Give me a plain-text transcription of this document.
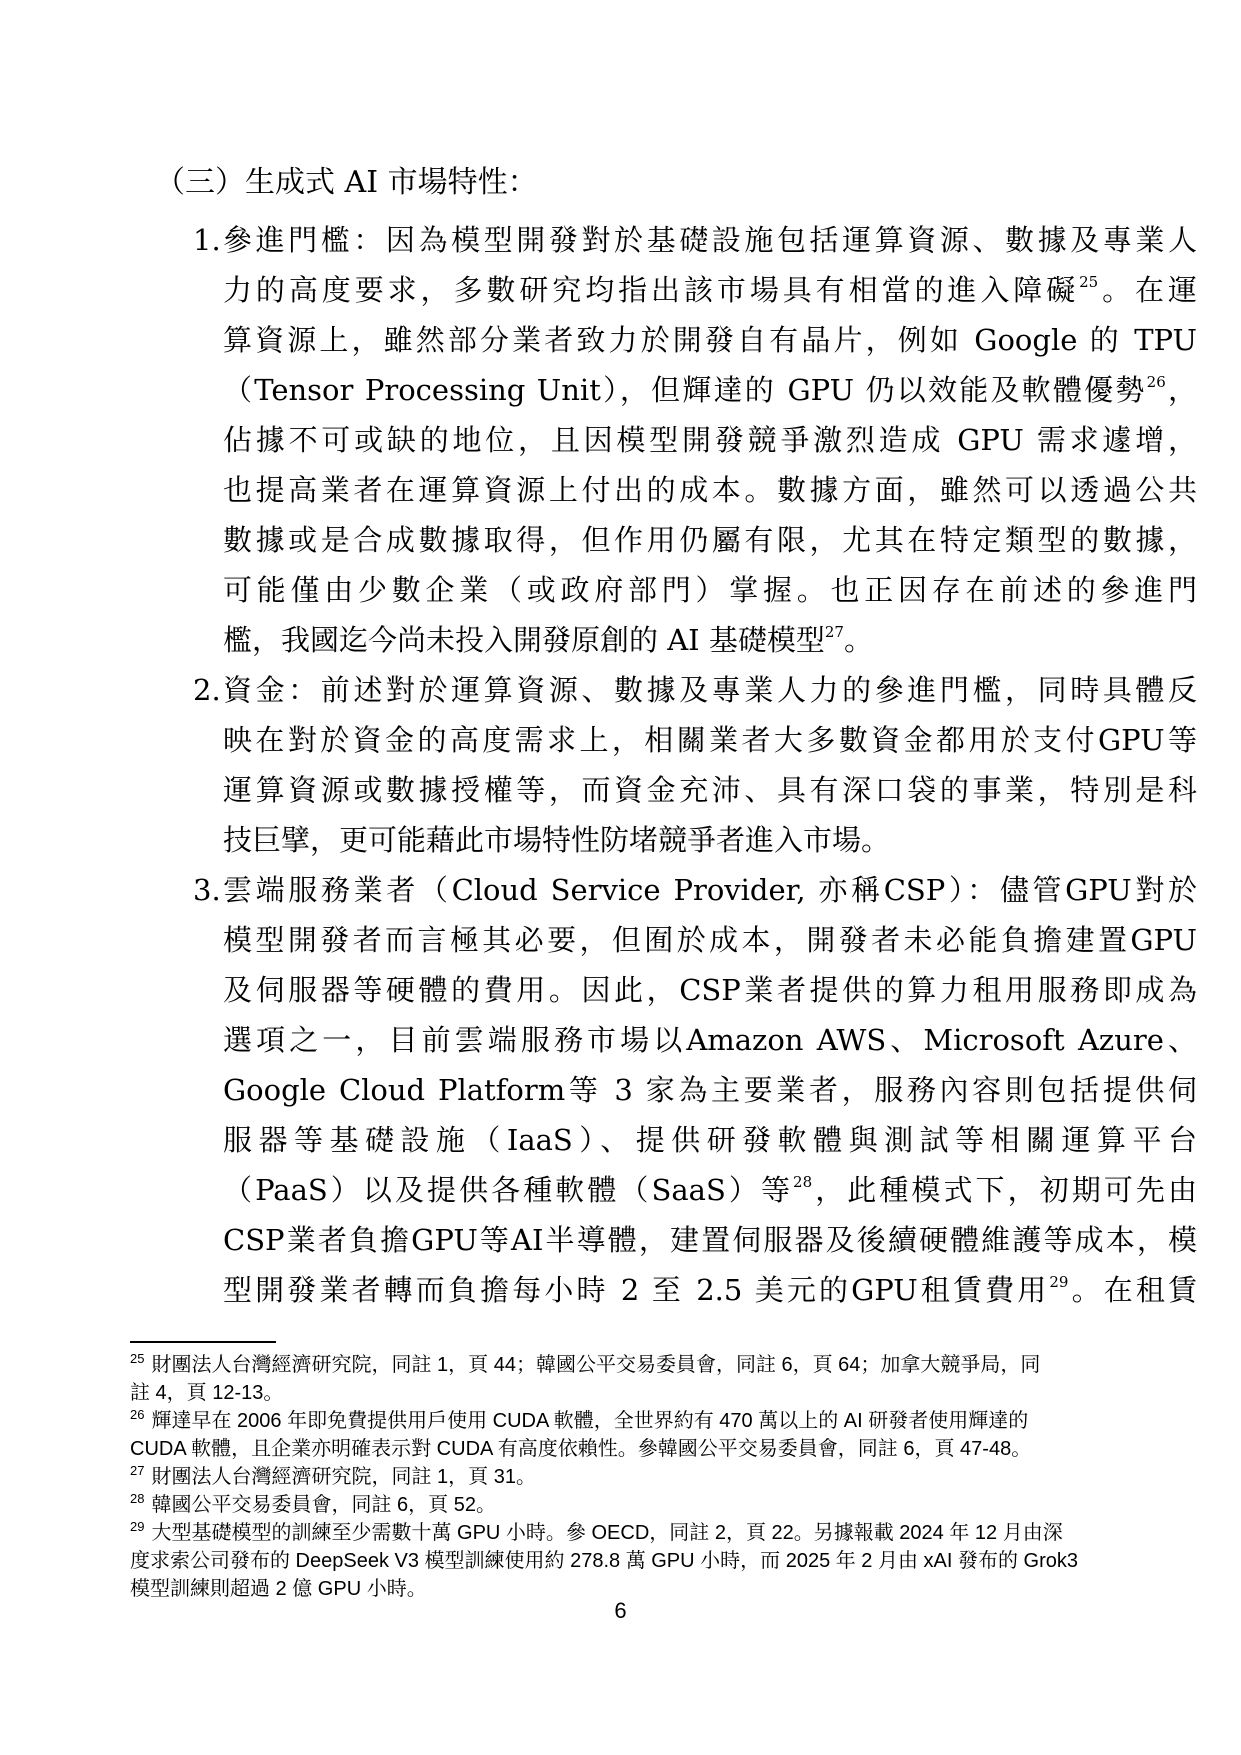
（三）生成式 AI 市場特性：
1. 參進門檻：因為模型開發對於基礎設施包括運算資源、數據及專業人
力的高度要求，多數研究均指出該市場具有相當的進入障礙$^{25}$。在運
算資源上，雖然部分業者致力於開發自有晶片，例如 Google 的 TPU
（Tensor Processing Unit），但輝達的 GPU 仍以效能及軟體優勢$^{26}$，
佔據不可或缺的地位，且因模型開發競爭激烈造成 GPU 需求遽增，
也提高業者在運算資源上付出的成本。數據方面，雖然可以透過公共
數據或是合成數據取得，但作用仍屬有限，尤其在特定類型的數據，
可能僅由少數企業（或政府部門）掌握。也正因存在前述的參進門
檻，我國迄今尚未投入開發原創的 AI 基礎模型$^{27}$。
2. 資金：前述對於運算資源、數據及專業人力的參進門檻，同時具體反
映在對於資金的高度需求上，相關業者大多數資金都用於支付GPU等
運算資源或數據授權等，而資金充沛、具有深口袋的事業，特別是科
技巨擘，更可能藉此市場特性防堵競爭者進入市場。
3. 雲端服務業者（Cloud Service Provider, 亦稱CSP）：儘管GPU對於
模型開發者而言極其必要，但囿於成本，開發者未必能負擔建置GPU
及伺服器等硬體的費用。因此，CSP業者提供的算力租用服務即成為
選項之一，目前雲端服務市場以Amazon AWS、Microsoft Azure、
Google Cloud Platform等 3 家為主要業者，服務內容則包括提供伺
服器等基礎設施（IaaS）、提供研發軟體與測試等相關運算平台
（PaaS）以及提供各種軟體（SaaS）等$^{28}$，此種模式下，初期可先由
CSP業者負擔GPU等AI半導體，建置伺服器及後續硬體維護等成本，模
型開發業者轉而負擔每小時 2 至 2.5 美元的GPU租賃費用$^{29}$。在租賃
$^{25}$ 財團法人台灣經濟研究院，同註 1，頁 44；韓國公平交易委員會，同註 6，頁 64；加拿大競爭局，同
註 4，頁 12-13。
$^{26}$ 輝達早在 2006 年即免費提供用戶使用 CUDA 軟體，全世界約有 470 萬以上的 AI 研發者使用輝達的
CUDA 軟體，且企業亦明確表示對 CUDA 有高度依賴性。參韓國公平交易委員會，同註 6，頁 47-48。
$^{27}$ 財團法人台灣經濟研究院，同註 1，頁 31。
$^{28}$ 韓國公平交易委員會，同註 6，頁 52。
$^{29}$ 大型基礎模型的訓練至少需數十萬 GPU 小時。參 OECD，同註 2，頁 22。另據報載 2024 年 12 月由深
度求索公司發布的 DeepSeek V3 模型訓練使用約 278.8 萬 GPU 小時，而 2025 年 2 月由 xAI 發布的 Grok3
模型訓練則超過 2 億 GPU 小時。
6
